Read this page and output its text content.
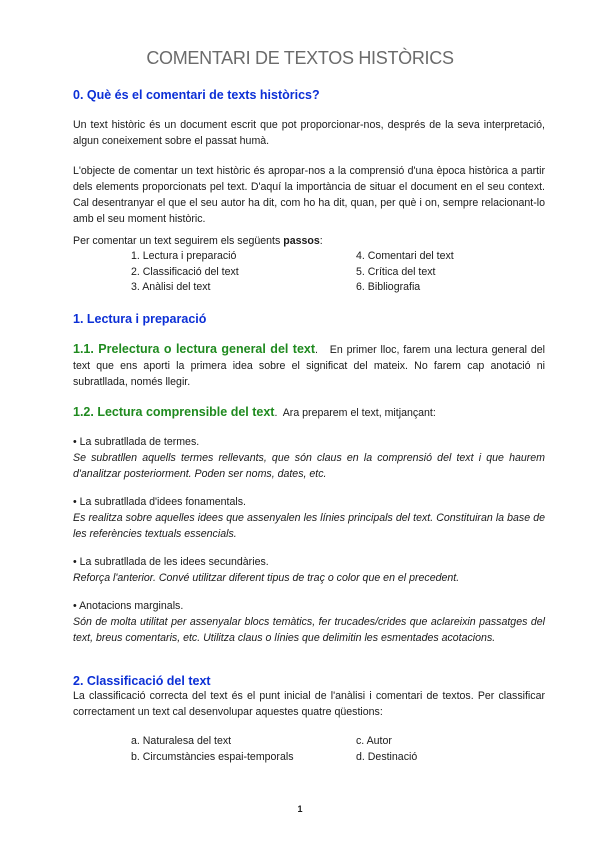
COMENTARI DE TEXTOS HISTÒRICS
0. Què és el comentari de texts històrics?
Un text històric és un document escrit que pot proporcionar-nos, després de la seva interpretació, algun coneixement sobre el passat humà.
L'objecte de comentar un text històric és apropar-nos a la comprensió d'una època històrica a partir dels elements proporcionats pel text. D'aquí la importància de situar el document en el seu context. Cal desentranyar el que el seu autor ha dit, com ho ha dit, quan, per què i on, sempre relacionant-lo amb el seu moment històric.
Per comentar un text seguirem els següents passos:
1. Lectura i preparació
2. Classificació del text
3. Anàlisi del text
4. Comentari del text
5. Crítica del text
6. Bibliografia
1. Lectura i preparació
1.1. Prelectura o lectura general del text. En primer lloc, farem una lectura general del text que ens aporti la primera idea sobre el significat del mateix. No farem cap anotació ni subratllada, només llegir.
1.2. Lectura comprensible del text. Ara preparem el text, mitjançant:
• La subratllada de termes.
Se subratllen aquells termes rellevants, que són claus en la comprensió del text i que haurem d'analitzar posteriorment. Poden ser noms, dates, etc.
• La subratllada d'idees fonamentals.
Es realitza sobre aquelles idees que assenyalen les línies principals del text. Constituiran la base de les referències textuals essencials.
• La subratllada de les idees secundàries.
Reforça l'anterior. Convé utilitzar diferent tipus de traç o color que en el precedent.
• Anotacions marginals.
Són de molta utilitat per assenyalar blocs temàtics, fer trucades/crides que aclareixin passatges del text, breus comentaris, etc. Utilitza claus o línies que delimitin les esmentades acotacions.
2. Classificació del text
La classificació correcta del text és el punt inicial de l'anàlisi i comentari de textos. Per classificar correctament un text cal desenvolupar aquestes quatre qüestions:
a. Naturalesa del text
b. Circumstàncies espai-temporals
c. Autor
d. Destinació
1
